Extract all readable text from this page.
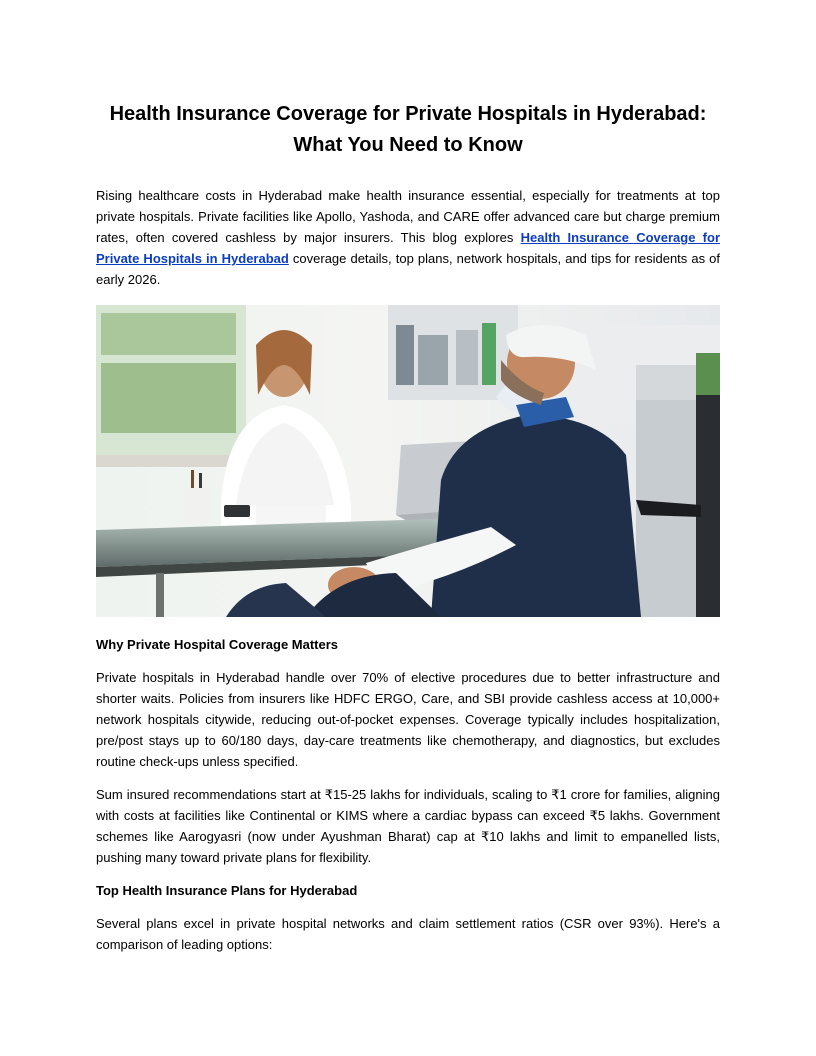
Health Insurance Coverage for Private Hospitals in Hyderabad:
What You Need to Know

Rising healthcare costs in Hyderabad make health insurance essential, especially for treatments at top private hospitals. Private facilities like Apollo, Yashoda, and CARE offer advanced care but charge premium rates, often covered cashless by major insurers. This blog explores Health Insurance Coverage for Private Hospitals in Hyderabad coverage details, top plans, network hospitals, and tips for residents as of early 2026.

Why Private Hospital Coverage Matters

Private hospitals in Hyderabad handle over 70% of elective procedures due to better infrastructure and shorter waits. Policies from insurers like HDFC ERGO, Care, and SBI provide cashless access at 10,000+ network hospitals citywide, reducing out-of-pocket expenses. Coverage typically includes hospitalization, pre/post stays up to 60/180 days, day-care treatments like chemotherapy, and diagnostics, but excludes routine check-ups unless specified.

Sum insured recommendations start at ₹15-25 lakhs for individuals, scaling to ₹1 crore for families, aligning with costs at facilities like Continental or KIMS where a cardiac bypass can exceed ₹5 lakhs. Government schemes like Aarogyasri (now under Ayushman Bharat) cap at ₹10 lakhs and limit to empanelled lists, pushing many toward private plans for flexibility.

Top Health Insurance Plans for Hyderabad

Several plans excel in private hospital networks and claim settlement ratios (CSR over 93%). Here's a comparison of leading options:
